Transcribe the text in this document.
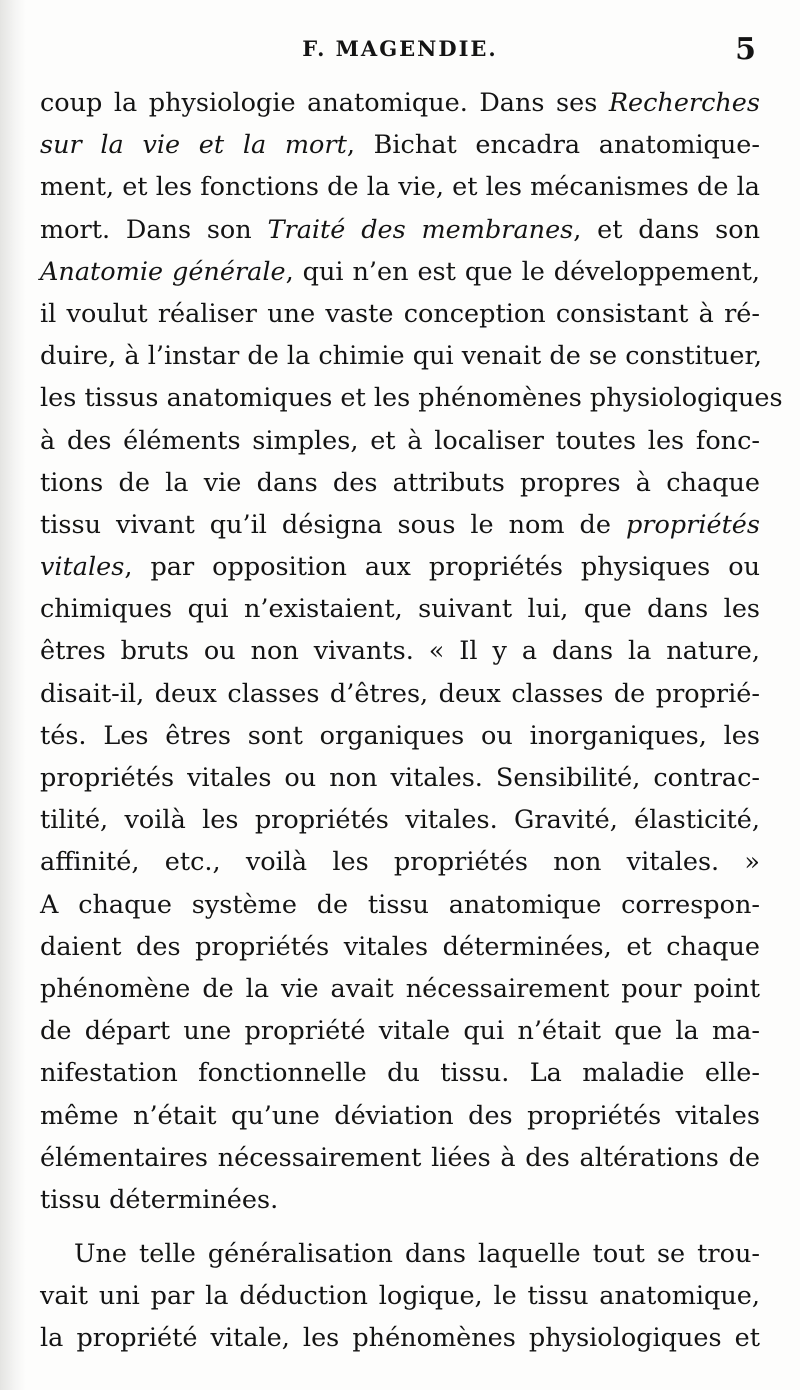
F. MAGENDIE.	5
coup la physiologie anatomique. Dans ses Recherches
sur la vie et la mort, Bichat encadra anatomique-
ment, et les fonctions de la vie, et les mécanismes de la
mort. Dans son Traité des membranes, et dans son
Anatomie générale, qui n’en est que le développement,
il voulut réaliser une vaste conception consistant à ré-
duire, à l’instar de la chimie qui venait de se constituer,
les tissus anatomiques et les phénomènes physiologiques
à des éléments simples, et à localiser toutes les fonc-
tions de la vie dans des attributs propres à chaque
tissu vivant qu’il désigna sous le nom de propriétés
vitales, par opposition aux propriétés physiques ou
chimiques qui n’existaient, suivant lui, que dans les
êtres bruts ou non vivants. « Il y a dans la nature,
disait-il, deux classes d’êtres, deux classes de proprié-
tés. Les êtres sont organiques ou inorganiques, les
propriétés vitales ou non vitales. Sensibilité, contrac-
tilité, voilà les propriétés vitales. Gravité, élasticité,
affinité, etc., voilà les propriétés non vitales. »
A chaque système de tissu anatomique correspon-
daient des propriétés vitales déterminées, et chaque
phénomène de la vie avait nécessairement pour point
de départ une propriété vitale qui n’était que la ma-
nifestation fonctionnelle du tissu. La maladie elle-
même n’était qu’une déviation des propriétés vitales
élémentaires nécessairement liées à des altérations de
tissu déterminées.
Une telle généralisation dans laquelle tout se trou-
vait uni par la déduction logique, le tissu anatomique,
la propriété vitale, les phénomènes physiologiques et
